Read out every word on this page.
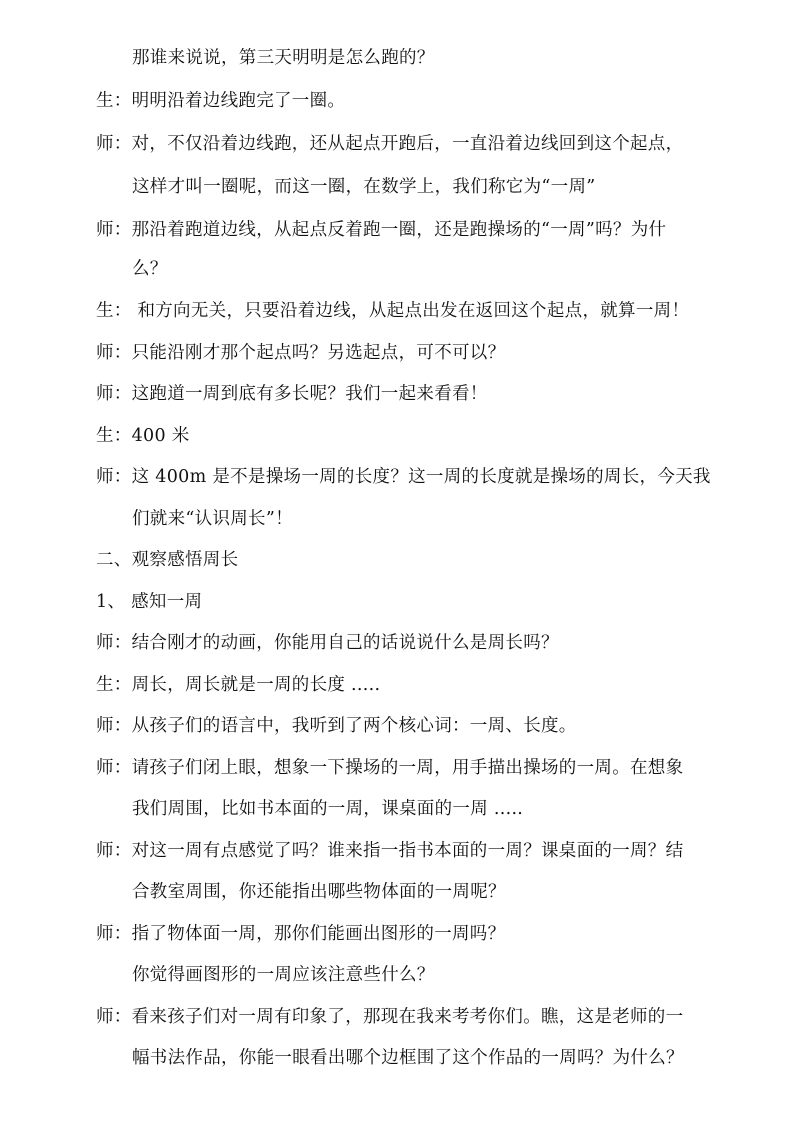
那谁来说说，第三天明明是怎么跑的？
生：明明沿着边线跑完了一圈。
师：对，不仅沿着边线跑，还从起点开跑后，一直沿着边线回到这个起点，
这样才叫一圈呢，而这一圈，在数学上，我们称它为“一周”
师：那沿着跑道边线，从起点反着跑一圈，还是跑操场的“一周”吗？为什
么？
生： 和方向无关，只要沿着边线，从起点出发在返回这个起点，就算一周！
师：只能沿刚才那个起点吗？另选起点，可不可以？
师：这跑道一周到底有多长呢？我们一起来看看！
生：400 米
师：这 400m 是不是操场一周的长度？这一周的长度就是操场的周长，今天我
们就来“认识周长”！
二、观察感悟周长
1、 感知一周
师：结合刚才的动画，你能用自己的话说说什么是周长吗？
生：周长，周长就是一周的长度 .....
师：从孩子们的语言中，我听到了两个核心词：一周、长度。
师：请孩子们闭上眼，想象一下操场的一周，用手描出操场的一周。在想象
我们周围，比如书本面的一周，课桌面的一周 .....
师：对这一周有点感觉了吗？谁来指一指书本面的一周？课桌面的一周？结
合教室周围，你还能指出哪些物体面的一周呢？
师：指了物体面一周，那你们能画出图形的一周吗？
你觉得画图形的一周应该注意些什么？
师：看来孩子们对一周有印象了，那现在我来考考你们。瞧，这是老师的一
幅书法作品，你能一眼看出哪个边框围了这个作品的一周吗？为什么？
